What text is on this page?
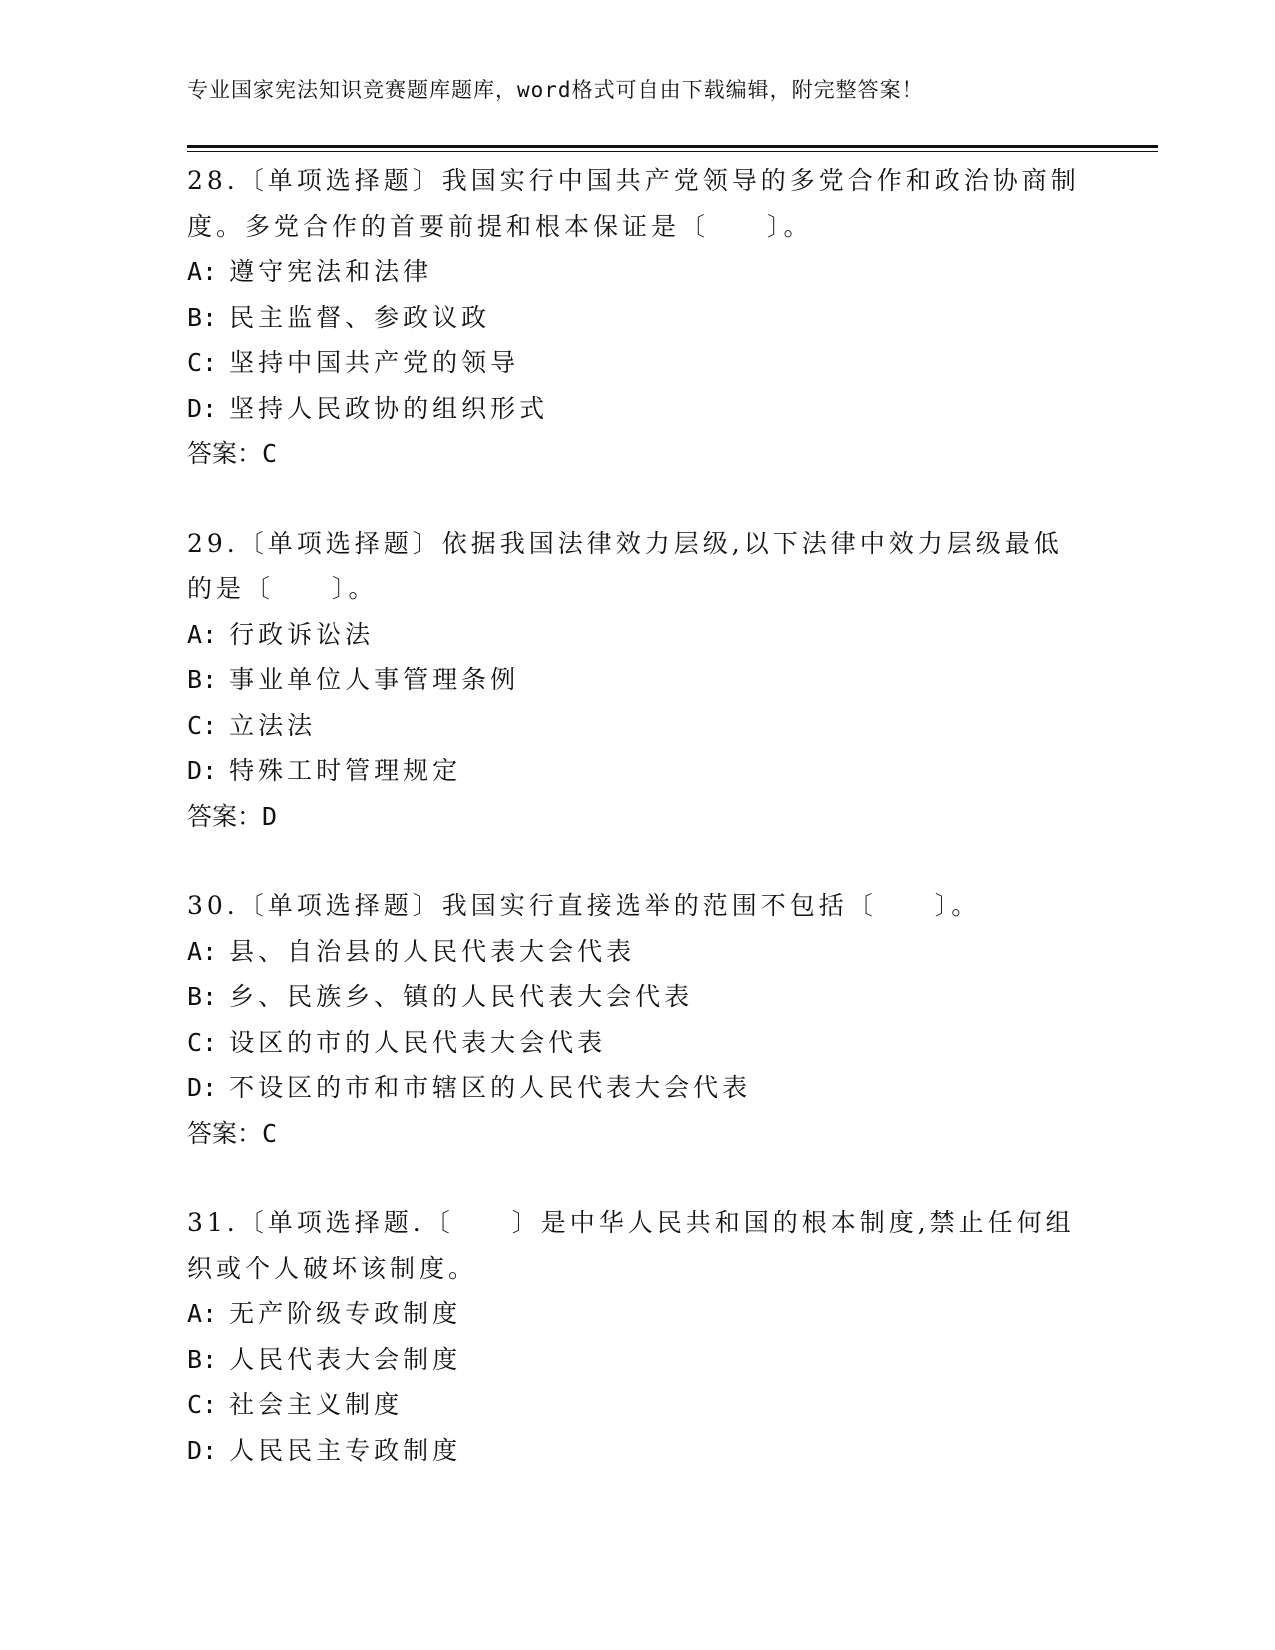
专业国家宪法知识竞赛题库题库，word格式可自由下载编辑，附完整答案！
28.〔单项选择题〕我国实行中国共产党领导的多党合作和政治协商制
度。多党合作的首要前提和根本保证是〔　　〕。
A: 遵守宪法和法律
B: 民主监督、参政议政
C: 坚持中国共产党的领导
D: 坚持人民政协的组织形式
答案：C
29.〔单项选择题〕依据我国法律效力层级,以下法律中效力层级最低
的是〔　　〕。
A: 行政诉讼法
B: 事业单位人事管理条例
C: 立法法
D: 特殊工时管理规定
答案：D
30.〔单项选择题〕我国实行直接选举的范围不包括〔　　〕。
A: 县、自治县的人民代表大会代表
B: 乡、民族乡、镇的人民代表大会代表
C: 设区的市的人民代表大会代表
D: 不设区的市和市辖区的人民代表大会代表
答案：C
31.〔单项选择题.〔　　〕是中华人民共和国的根本制度,禁止任何组
织或个人破坏该制度。
A: 无产阶级专政制度
B: 人民代表大会制度
C: 社会主义制度
D: 人民民主专政制度
